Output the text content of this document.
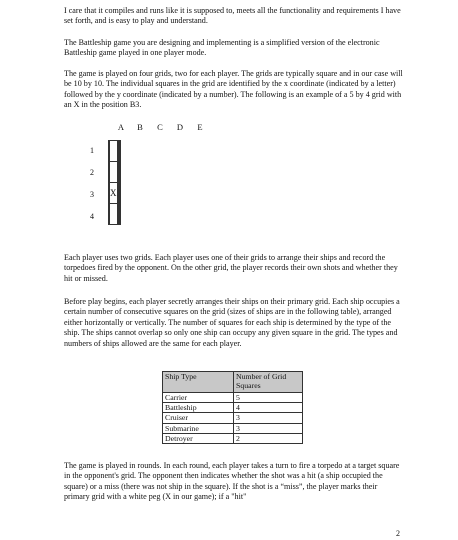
I care that it compiles and runs like it is supposed to, meets all the functionality and requirements I have set forth, and is easy to play and understand.

The Battleship game you are designing and implementing is a simplified version of the electronic Battleship game played in one player mode.

The game is played on four grids, two for each player. The grids are typically square and in our case will be 10 by 10. The individual squares in the grid are identified by the x coordinate (indicated by a letter) followed by the y coordinate (indicated by a number). The following is an example of a 5 by 4 grid with an X in the position B3.

A	B	C	D	E
1
2
3
4

	X			

Each player uses two grids. Each player uses one of their grids to arrange their ships and record the torpedoes fired by the opponent. On the other grid, the player records their own shots and whether they hit or missed.

Before play begins, each player secretly arranges their ships on their primary grid. Each ship occupies a certain number of consecutive squares on the grid (sizes of ships are in the following table), arranged either horizontally or vertically. The number of squares for each ship is determined by the type of the ship. The ships cannot overlap so only one ship can occupy any given square in the grid. The types and numbers of ships allowed are the same for each player.

Ship Type	Number of Grid Squares
Carrier	5
Battleship	4
Cruiser	3
Submarine	3
Detroyer	2

The game is played in rounds. In each round, each player takes a turn to fire a torpedo at a target square in the opponent's grid. The opponent then indicates whether the shot was a hit (a ship occupied the square) or a miss (there was not ship in the square). If the shot is a “miss”, the player marks their primary grid with a white peg (X in our game); if a "hit"

2
